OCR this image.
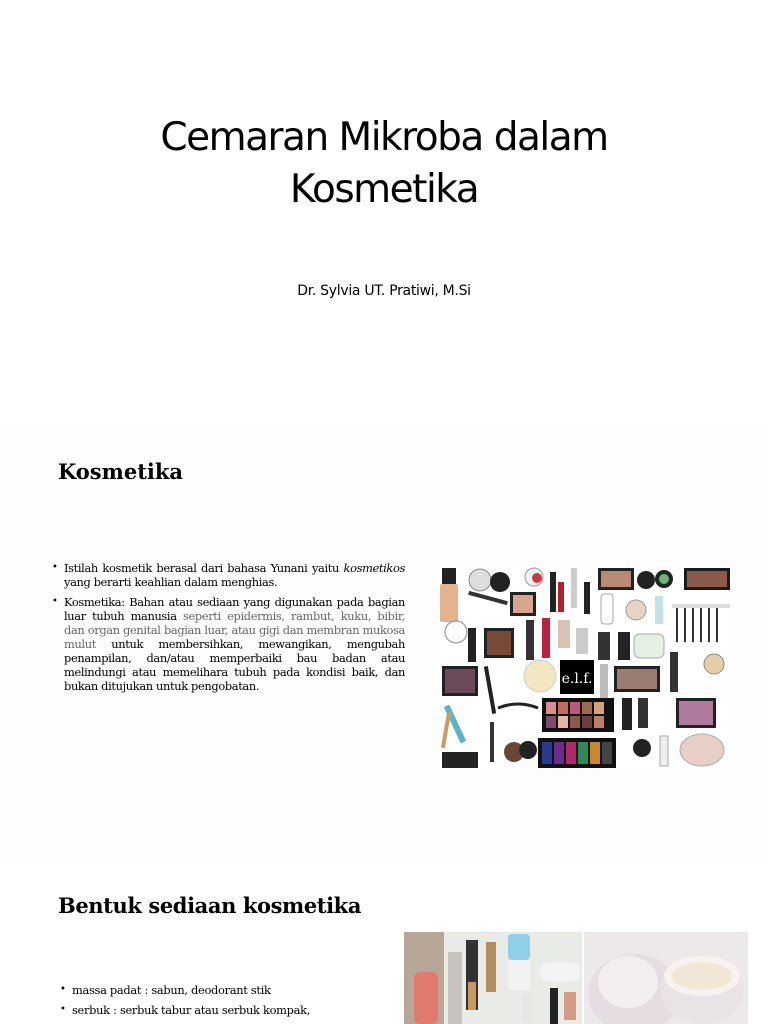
Cemaran Mikroba dalam
Kosmetika
Dr. Sylvia UT. Pratiwi, M.Si
Kosmetika
• Istilah kosmetik berasal dari bahasa Yunani yaitu kosmetikos yang berarti keahlian dalam menghias.
• Kosmetika: Bahan atau sediaan yang digunakan pada bagian luar tubuh manusia seperti epidermis, rambut, kuku, bibir, dan organ genital bagian luar, atau gigi dan membran mukosa mulut untuk membersihkan, mewangikan, mengubah penampilan, dan/atau memperbaiki bau badan atau melindungi atau memelihara tubuh pada kondisi baik, dan bukan ditujukan untuk pengobatan.	e.l.f.
Bentuk sediaan kosmetika
• massa padat : sabun, deodorant stik
• serbuk : serbuk tabur atau serbuk kompak,
